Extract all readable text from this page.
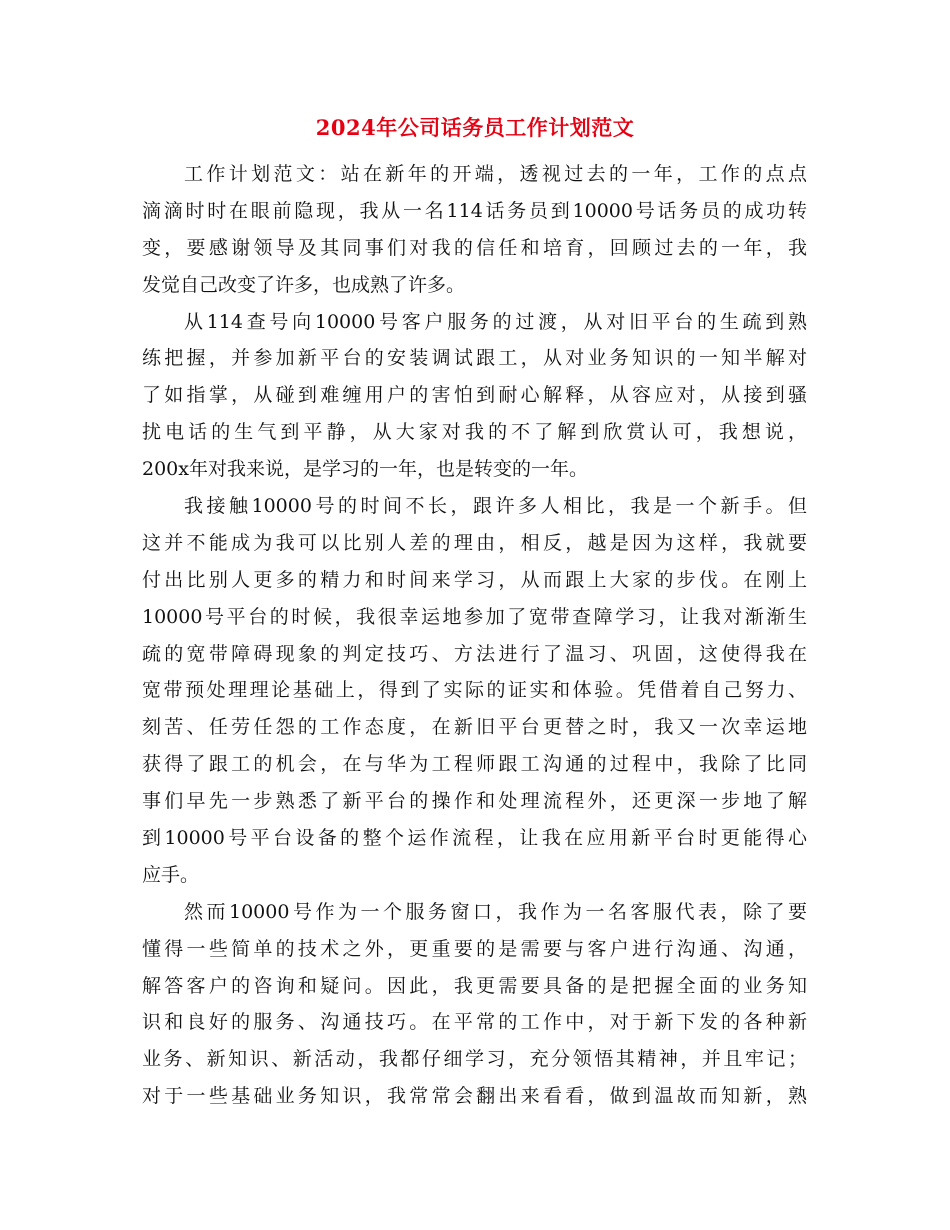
2024年公司话务员工作计划范文
工作计划范文：站在新年的开端，透视过去的一年，工作的点点
滴滴时时在眼前隐现，我从一名114话务员到10000号话务员的成功转
变，要感谢领导及其同事们对我的信任和培育，回顾过去的一年，我
发觉自己改变了许多，也成熟了许多。
从114查号向10000号客户服务的过渡，从对旧平台的生疏到熟
练把握，并参加新平台的安装调试跟工，从对业务知识的一知半解对
了如指掌，从碰到难缠用户的害怕到耐心解释，从容应对，从接到骚
扰电话的生气到平静，从大家对我的不了解到欣赏认可，我想说，
200x年对我来说，是学习的一年，也是转变的一年。
我接触10000号的时间不长，跟许多人相比，我是一个新手。但
这并不能成为我可以比别人差的理由，相反，越是因为这样，我就要
付出比别人更多的精力和时间来学习，从而跟上大家的步伐。在刚上
10000号平台的时候，我很幸运地参加了宽带查障学习，让我对渐渐生
疏的宽带障碍现象的判定技巧、方法进行了温习、巩固，这使得我在
宽带预处理理论基础上，得到了实际的证实和体验。凭借着自己努力、
刻苦、任劳任怨的工作态度，在新旧平台更替之时，我又一次幸运地
获得了跟工的机会，在与华为工程师跟工沟通的过程中，我除了比同
事们早先一步熟悉了新平台的操作和处理流程外，还更深一步地了解
到10000号平台设备的整个运作流程，让我在应用新平台时更能得心
应手。
然而10000号作为一个服务窗口，我作为一名客服代表，除了要
懂得一些简单的技术之外，更重要的是需要与客户进行沟通、沟通，
解答客户的咨询和疑问。因此，我更需要具备的是把握全面的业务知
识和良好的服务、沟通技巧。在平常的工作中，对于新下发的各种新
业务、新知识、新活动，我都仔细学习，充分领悟其精神，并且牢记；
对于一些基础业务知识，我常常会翻出来看看，做到温故而知新，熟
